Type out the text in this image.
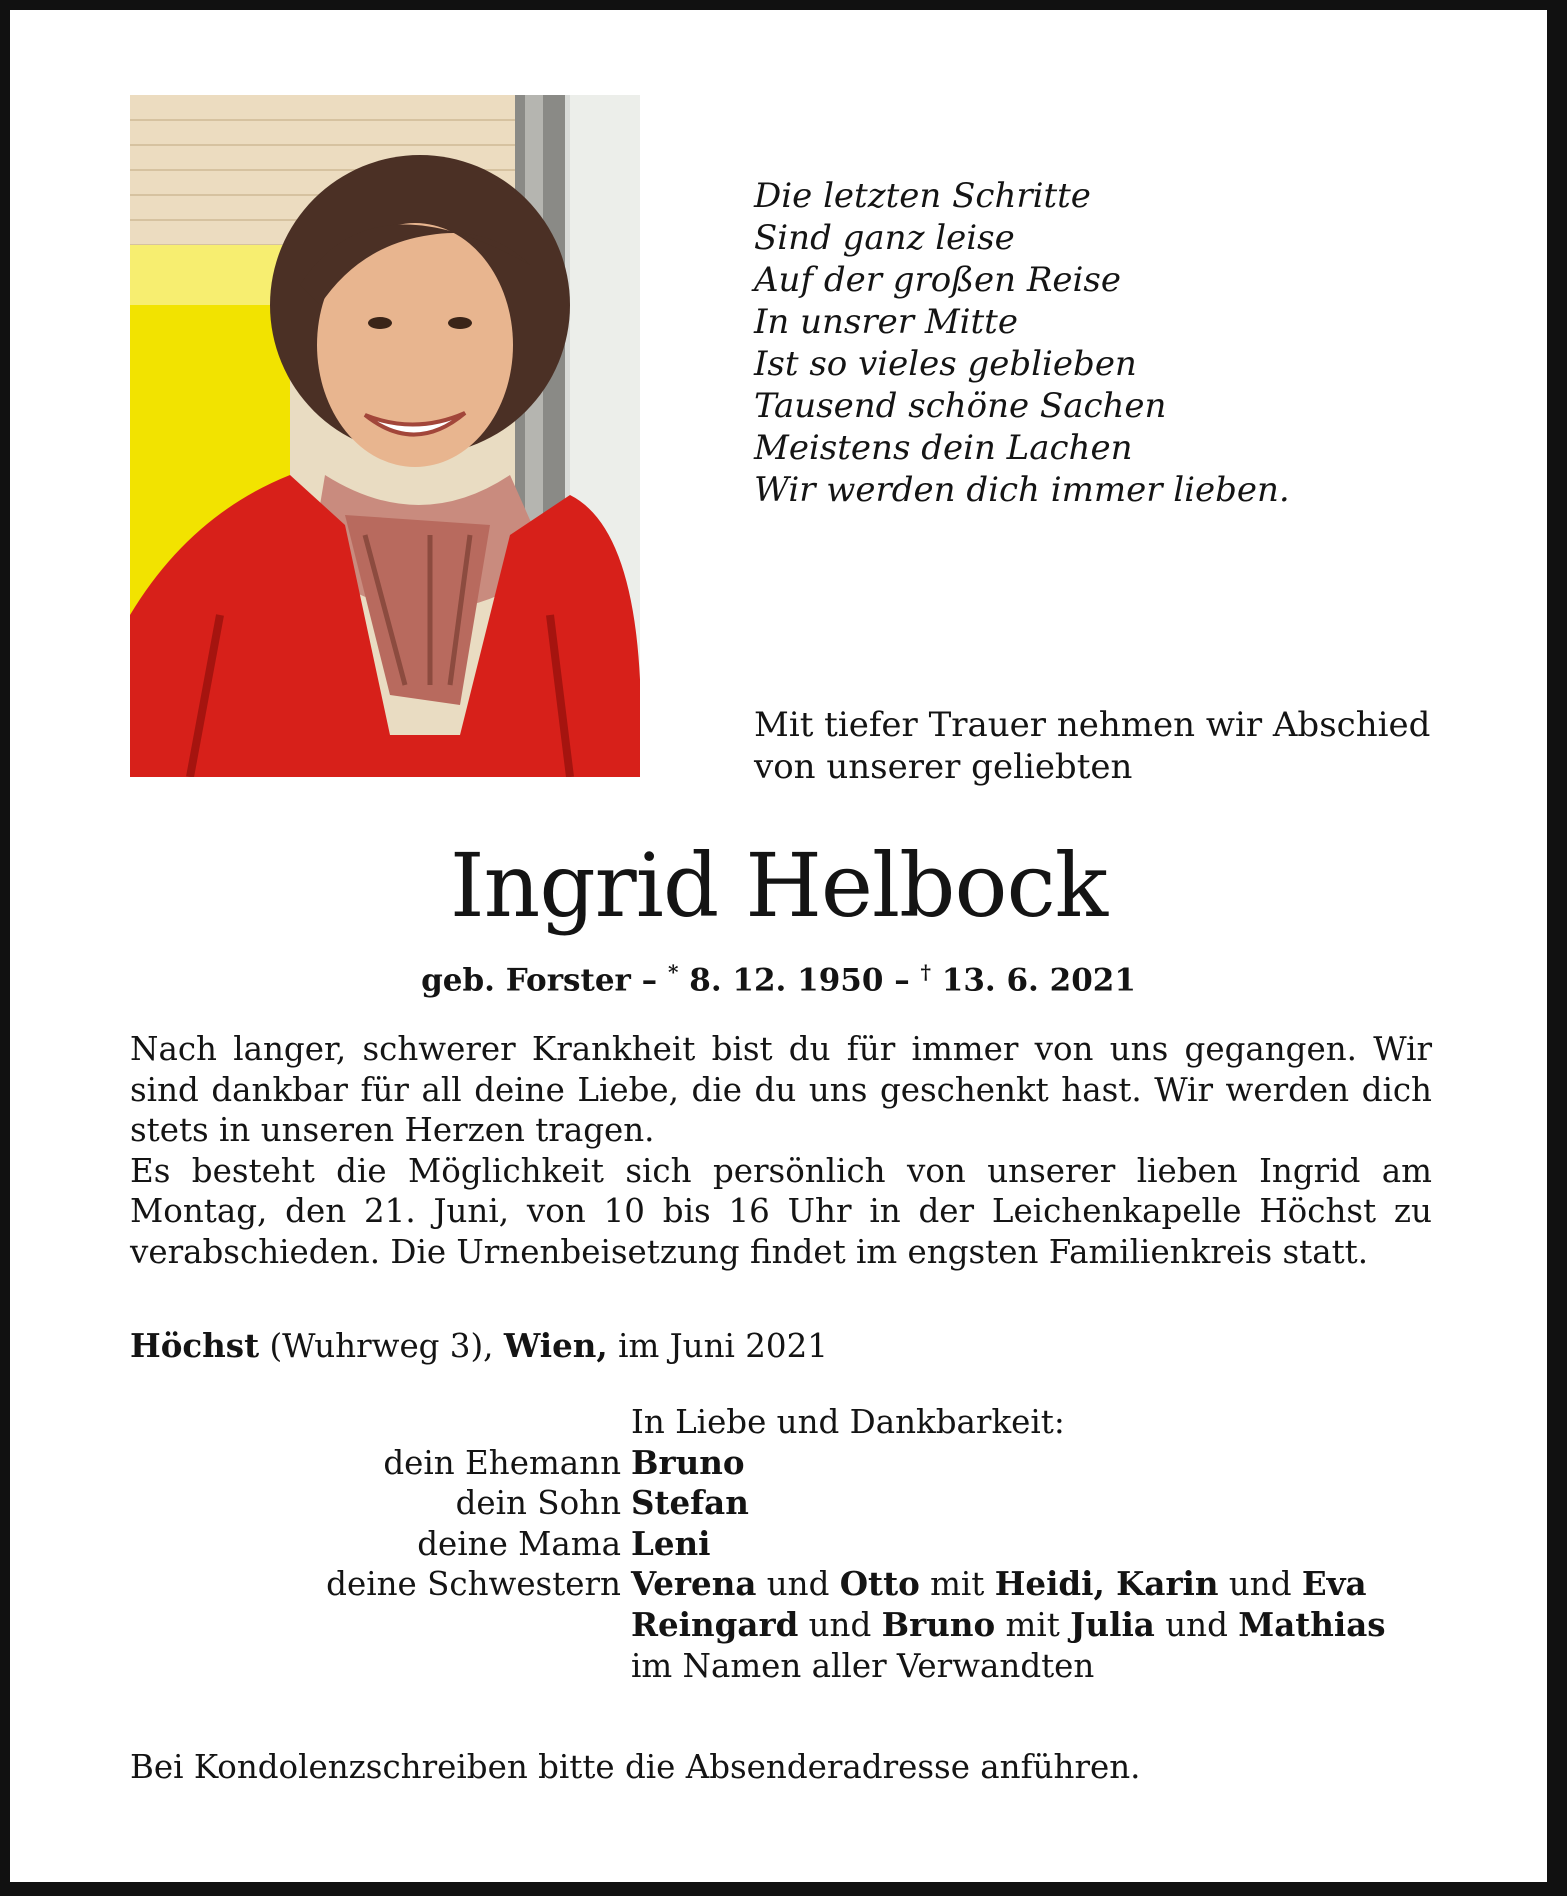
Die letzten Schritte
Sind ganz leise
Auf der großen Reise
In unsrer Mitte
Ist so vieles geblieben
Tausend schöne Sachen
Meistens dein Lachen
Wir werden dich immer lieben.
Mit tiefer Trauer nehmen wir Abschied
von unserer geliebten
Ingrid Helbock
geb. Forster – * 8. 12. 1950 – † 13. 6. 2021
Nach langer, schwerer Krankheit bist du für immer von uns gegangen. Wir sind dankbar für all deine Liebe, die du uns geschenkt hast. Wir werden dich stets in unseren Herzen tragen.
Es besteht die Möglichkeit sich persönlich von unserer lieben Ingrid am Montag, den 21. Juni, von 10 bis 16 Uhr in der Leichenkapelle Höchst zu verabschieden. Die Urnenbeisetzung findet im engsten Familienkreis statt.
Höchst (Wuhrweg 3), Wien, im Juni 2021
In Liebe und Dankbarkeit:
dein Ehemann Bruno
dein Sohn Stefan
deine Mama Leni
deine Schwestern Verena und Otto mit Heidi, Karin und Eva
Reingard und Bruno mit Julia und Mathias
im Namen aller Verwandten
Bei Kondolenzschreiben bitte die Absenderadresse anführen.
